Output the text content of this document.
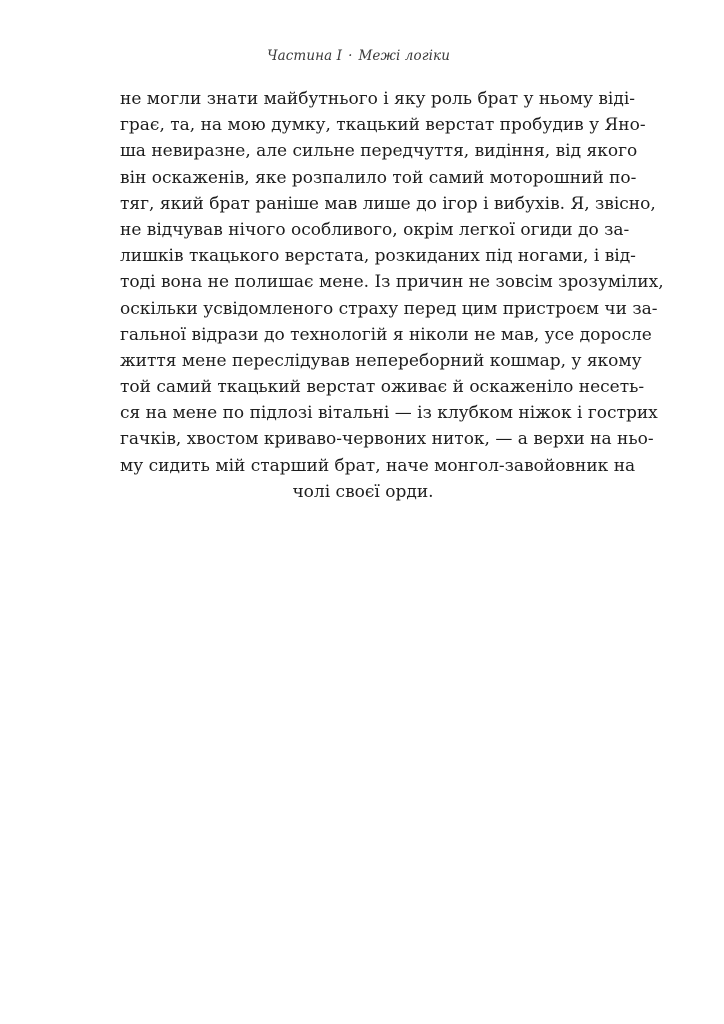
Частина I · Межі логіки
не могли знати майбутнього і яку роль брат у ньому віді-
грає, та, на мою думку, ткацький верстат пробудив у Яно-
ша невиразне, але сильне передчуття, видіння, від якого
він оскаженів, яке розпалило той самий моторошний по-
тяг, який брат раніше мав лише до ігор і вибухів. Я, звісно,
не відчував нічого особливого, окрім легкої огиди до за-
лишків ткацького верстата, розкиданих під ногами, і від-
тоді вона не полишає мене. Із причин не зовсім зрозумілих,
оскільки усвідомленого страху перед цим пристроєм чи за-
гальної відрази до технологій я ніколи не мав, усе доросле
життя мене переслідував непереборний кошмар, у якому
той самий ткацький верстат оживає й оскаженіло несеть-
ся на мене по підлозі вітальні — із клубком ніжок і гострих
гачків, хвостом криваво-червоних ниток, — а верхи на ньо-
му сидить мій старший брат, наче монгол-завойовник на
чолі своєї орди.
